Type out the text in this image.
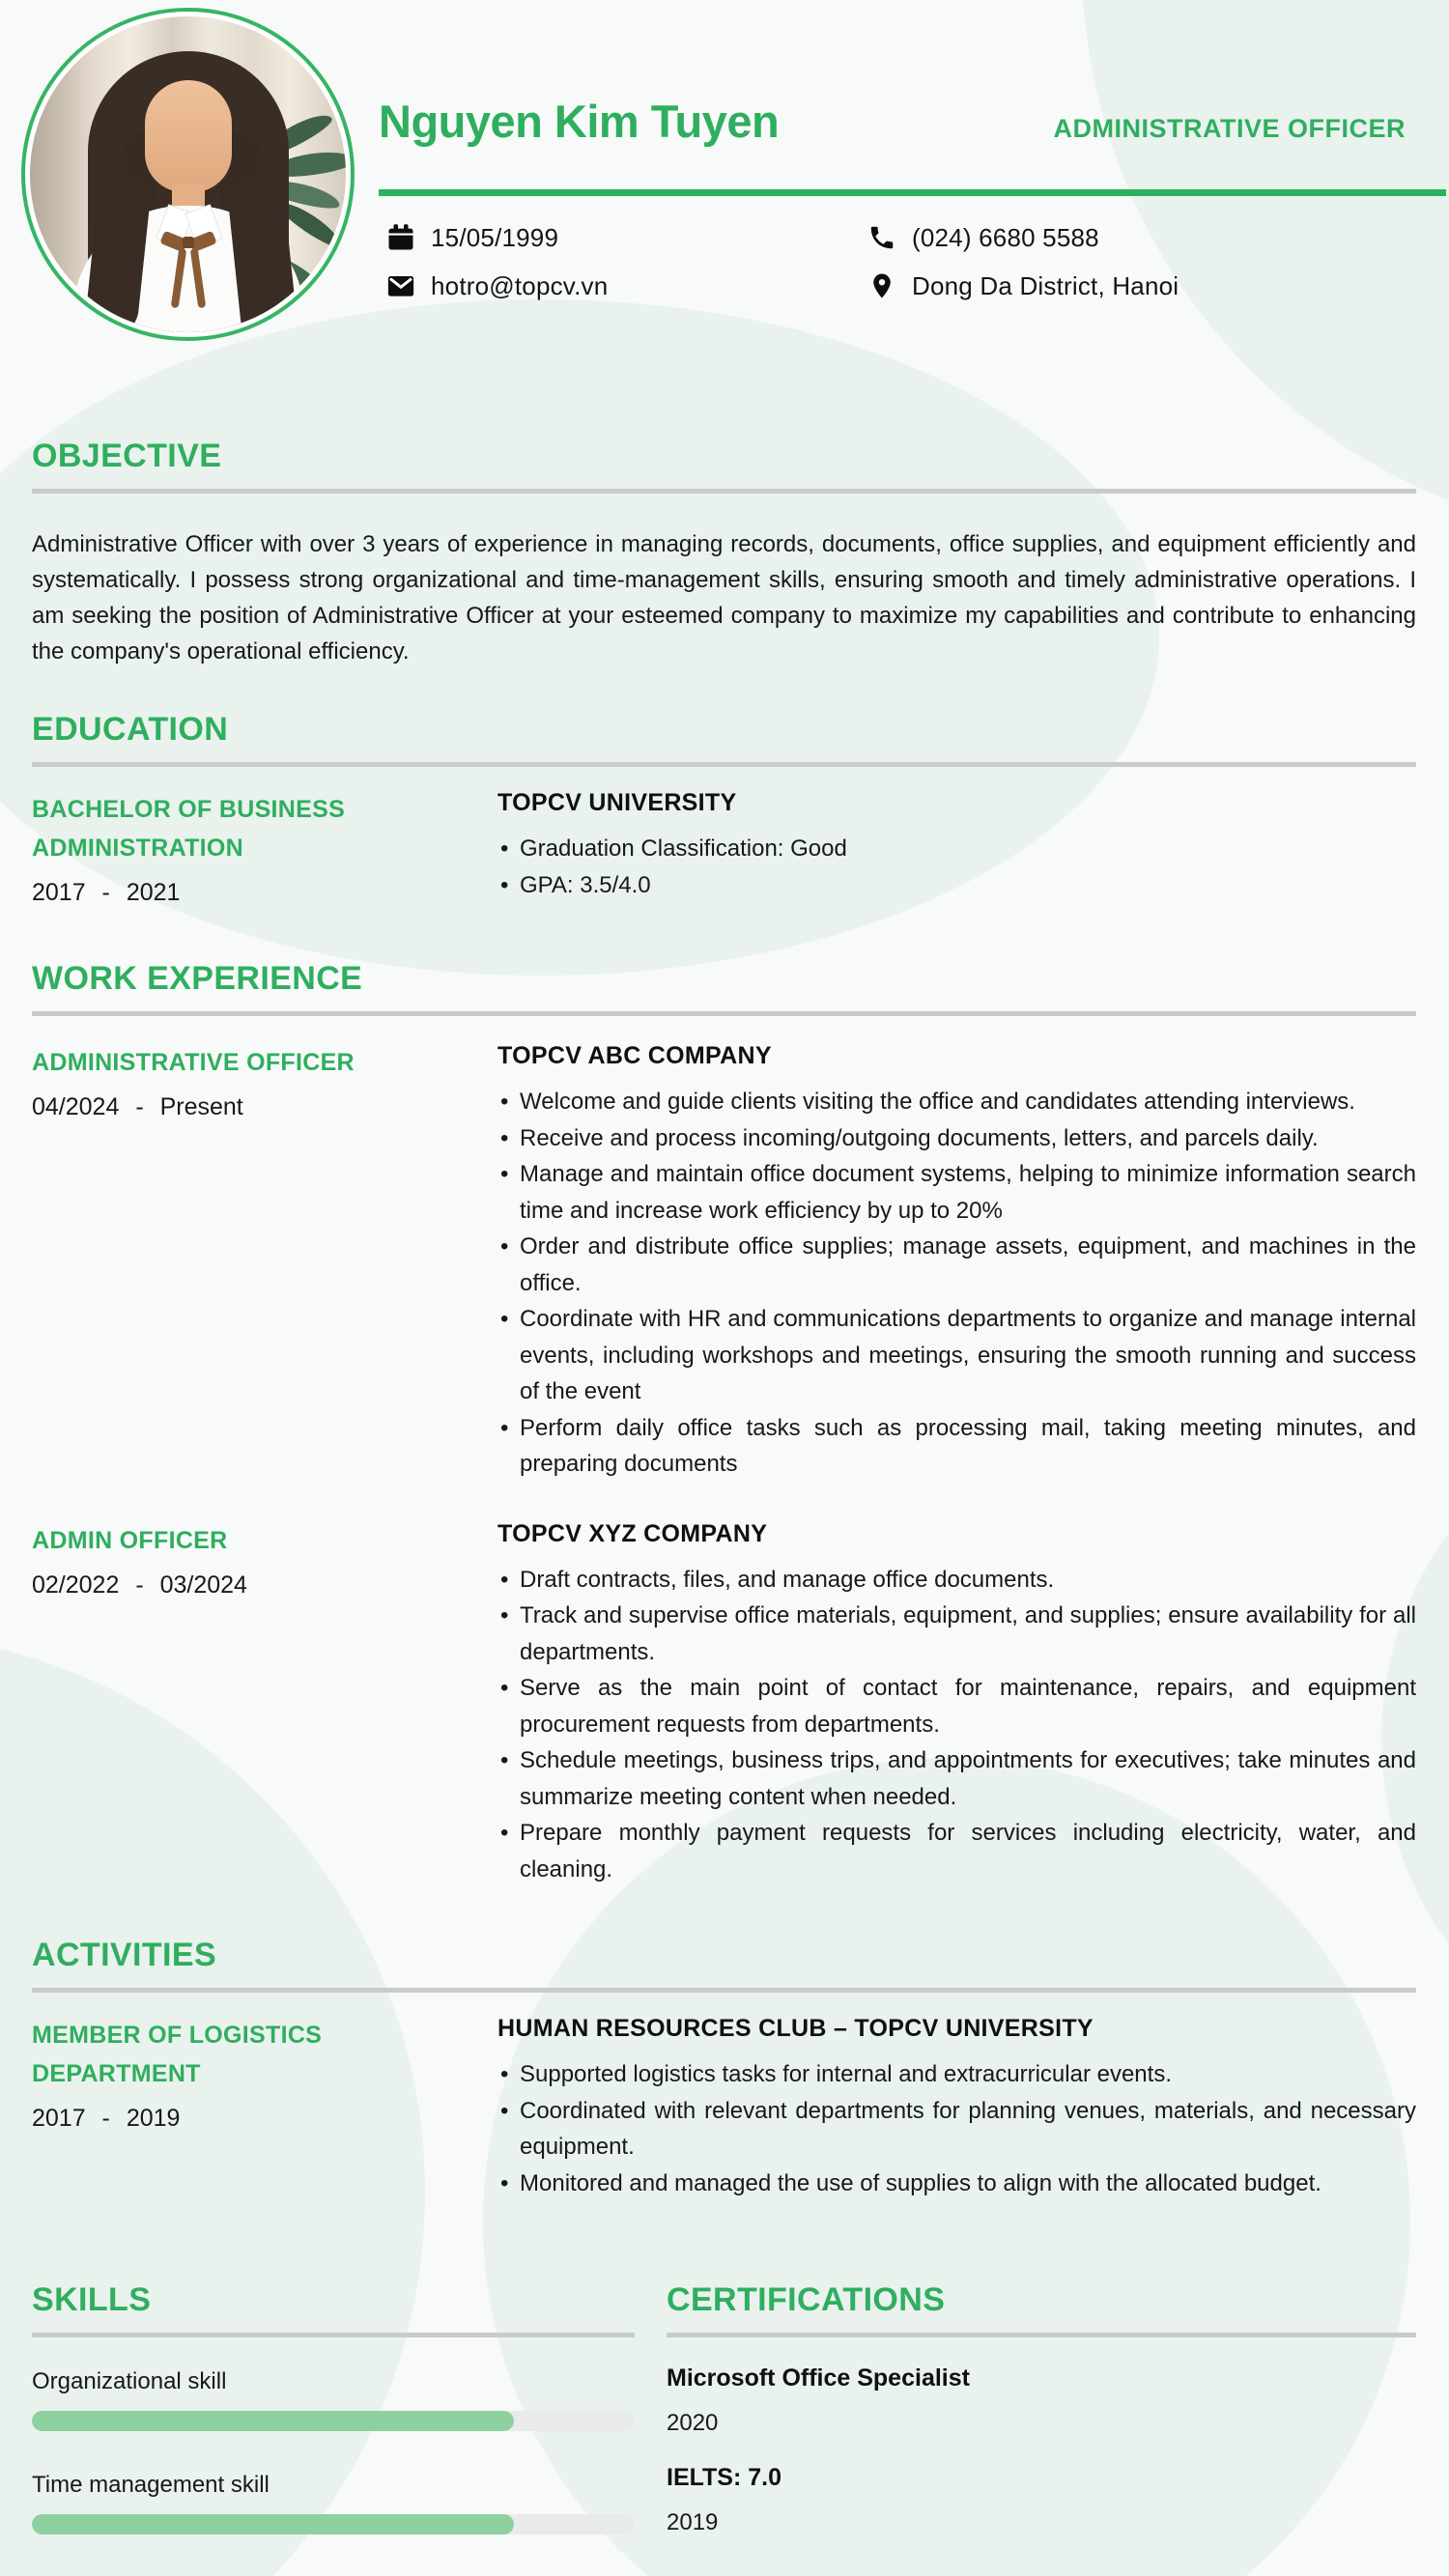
Nguyen Kim Tuyen	ADMINISTRATIVE OFFICER
15/05/1999	(024) 6680 5588
hotro@topcv.vn	Dong Da District, Hanoi
OBJECTIVE
Administrative Officer with over 3 years of experience in managing records, documents, office supplies, and equipment efficiently and systematically. I possess strong organizational and time-management skills, ensuring smooth and timely administrative operations. I am seeking the position of Administrative Officer at your esteemed company to maximize my capabilities and contribute to enhancing the company's operational efficiency.
EDUCATION
BACHELOR OF BUSINESS ADMINISTRATION
2017 - 2021
TOPCV UNIVERSITY
• Graduation Classification: Good
• GPA: 3.5/4.0
WORK EXPERIENCE
ADMINISTRATIVE OFFICER
04/2024 - Present
TOPCV ABC COMPANY
• Welcome and guide clients visiting the office and candidates attending interviews.
• Receive and process incoming/outgoing documents, letters, and parcels daily.
• Manage and maintain office document systems, helping to minimize information search time and increase work efficiency by up to 20%
• Order and distribute office supplies; manage assets, equipment, and machines in the office.
• Coordinate with HR and communications departments to organize and manage internal events, including workshops and meetings, ensuring the smooth running and success of the event
• Perform daily office tasks such as processing mail, taking meeting minutes, and preparing documents
ADMIN OFFICER
02/2022 - 03/2024
TOPCV XYZ COMPANY
• Draft contracts, files, and manage office documents.
• Track and supervise office materials, equipment, and supplies; ensure availability for all departments.
• Serve as the main point of contact for maintenance, repairs, and equipment procurement requests from departments.
• Schedule meetings, business trips, and appointments for executives; take minutes and summarize meeting content when needed.
• Prepare monthly payment requests for services including electricity, water, and cleaning.
ACTIVITIES
MEMBER OF LOGISTICS DEPARTMENT
2017 - 2019
HUMAN RESOURCES CLUB – TOPCV UNIVERSITY
• Supported logistics tasks for internal and extracurricular events.
• Coordinated with relevant departments for planning venues, materials, and necessary equipment.
• Monitored and managed the use of supplies to align with the allocated budget.
SKILLS
Organizational skill
Time management skill
CERTIFICATIONS
Microsoft Office Specialist
2020
IELTS: 7.0
2019
